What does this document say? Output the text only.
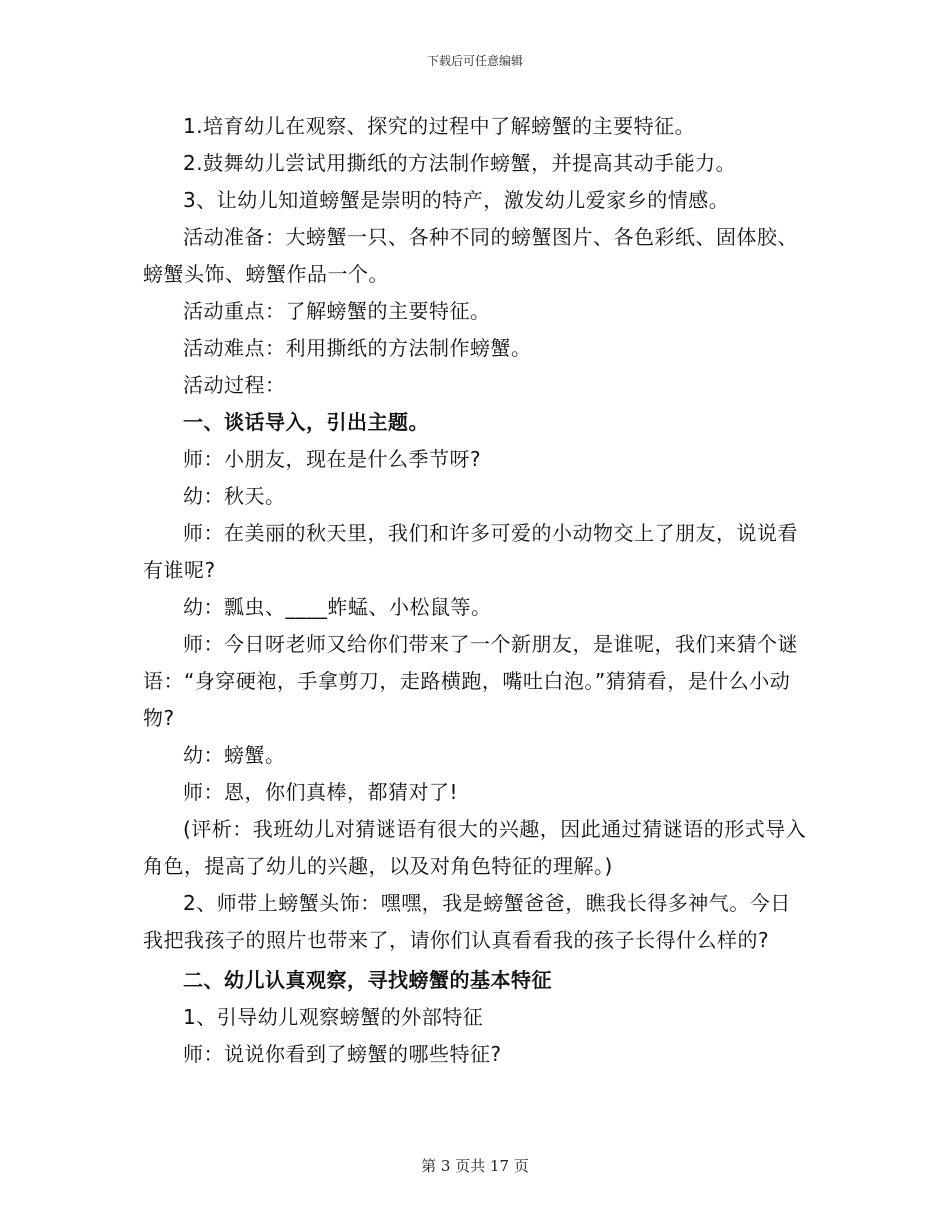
下载后可任意编辑

1.培育幼儿在观察、探究的过程中了解螃蟹的主要特征。

2.鼓舞幼儿尝试用撕纸的方法制作螃蟹，并提高其动手能力。

3、让幼儿知道螃蟹是崇明的特产，激发幼儿爱家乡的情感。

活动准备：大螃蟹一只、各种不同的螃蟹图片、各色彩纸、固体胶、螃蟹头饰、螃蟹作品一个。

活动重点：了解螃蟹的主要特征。

活动难点：利用撕纸的方法制作螃蟹。

活动过程：

一、谈话导入，引出主题。

师：小朋友，现在是什么季节呀?

幼：秋天。

师：在美丽的秋天里，我们和许多可爱的小动物交上了朋友，说说看有谁呢?

幼：瓢虫、____蚱蜢、小松鼠等。

师：今日呀老师又给你们带来了一个新朋友，是谁呢，我们来猜个谜语：“身穿硬袍，手拿剪刀，走路横跑，嘴吐白泡。”猜猜看，是什么小动物?

幼：螃蟹。

师：恩，你们真棒，都猜对了!

(评析：我班幼儿对猜谜语有很大的兴趣，因此通过猜谜语的形式导入角色，提高了幼儿的兴趣，以及对角色特征的理解。)

2、师带上螃蟹头饰：嘿嘿，我是螃蟹爸爸，瞧我长得多神气。今日我把我孩子的照片也带来了，请你们认真看看我的孩子长得什么样的?

二、幼儿认真观察，寻找螃蟹的基本特征

1、引导幼儿观察螃蟹的外部特征

师：说说你看到了螃蟹的哪些特征?

第 3 页共 17 页
